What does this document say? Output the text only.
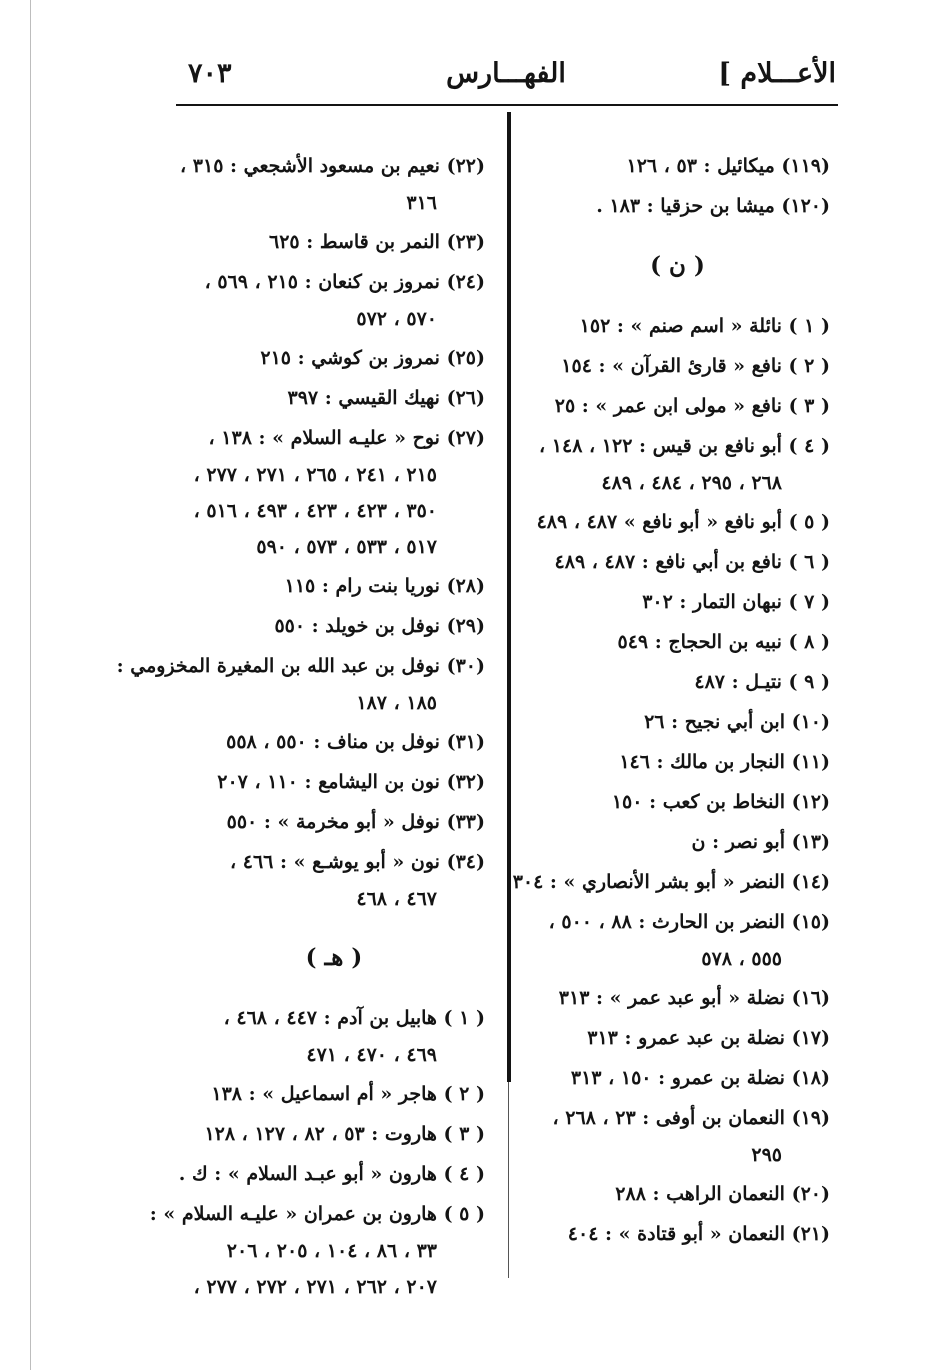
الأعـــلام ]
الفهـــارس
٧٠٣
(١١٩) ميكائيل : ٥٣ ، ١٢٦
(١٢٠) ميشا بن حزقيا : ١٨٣ .
( ن )
( ١ ) نائلة « اسم صنم » : ١٥٢
( ٢ ) نافع « قارئ القرآن » : ١٥٤
( ٣ ) نافع « مولى ابن عمر » : ٢٥
( ٤ ) أبو نافع بن قيس : ١٢٢ ، ١٤٨ ،
٢٦٨ ، ٢٩٥ ، ٤٨٤ ، ٤٨٩
( ٥ ) أبو نافع « أبو نافع » ٤٨٧ ، ٤٨٩
( ٦ ) نافع بن أبي نافع : ٤٨٧ ، ٤٨٩
( ٧ ) نبهان التمار : ٣٠٢
( ٨ ) نبيه بن الحجاج : ٥٤٩
( ٩ ) نتيـل : ٤٨٧
(١٠) ابن أبي نجيح : ٢٦
(١١) النجار بن مالك : ١٤٦
(١٢) النخاط بن كعب : ١٥٠
(١٣) أبو نصر : ن
(١٤) النضر « أبو بشر الأنصاري » : ٣٠٤
(١٥) النضر بن الحارث : ٨٨ ، ٥٠٠ ،
٥٥٥ ، ٥٧٨
(١٦) نضلة « أبو عبد عمر » : ٣١٣
(١٧) نضلة بن عبد عمرو : ٣١٣
(١٨) نضلة بن عمرو : ١٥٠ ، ٣١٣
(١٩) النعمان بن أوفى : ٢٣ ، ٢٦٨ ،
٢٩٥
(٢٠) النعمان الراهب : ٢٨٨
(٢١) النعمان « أبو قتادة » : ٤٠٤
(٢٢) نعيم بن مسعود الأشجعي : ٣١٥ ،
٣١٦
(٢٣) النمر بن قاسط : ٦٢٥
(٢٤) نمروز بن كنعان : ٢١٥ ، ٥٦٩ ،
٥٧٠ ، ٥٧٢
(٢٥) نمروز بن كوشي : ٢١٥
(٢٦) نهيك القيسي : ٣٩٧
(٢٧) نوح « عليـه السلام » : ١٣٨ ،
٢١٥ ، ٢٤١ ، ٢٦٥ ، ٢٧١ ، ٢٧٧ ،
٣٥٠ ، ٤٢٣ ، ٤٢٣ ، ٤٩٣ ، ٥١٦ ،
٥١٧ ، ٥٣٣ ، ٥٧٣ ، ٥٩٠
(٢٨) نوريا بنت رام : ١١٥
(٢٩) نوفل بن خويلد : ٥٥٠
(٣٠) نوفل بن عبد الله بن المغيرة المخزومي :
١٨٥ ، ١٨٧
(٣١) نوفل بن مناف : ٥٥٠ ، ٥٥٨
(٣٢) نون بن اليشامع : ١١٠ ، ٢٠٧
(٣٣) نوفل « أبو مخرمة » : ٥٥٠
(٣٤) نون « أبو يوشـع » : ٤٦٦ ،
٤٦٧ ، ٤٦٨
( هـ )
( ١ ) هابيل بن آدم : ٤٤٧ ، ٤٦٨ ،
٤٦٩ ، ٤٧٠ ، ٤٧١
( ٢ ) هاجر « أم اسماعيل » : ١٣٨
( ٣ ) هاروت : ٥٣ ، ٨٢ ، ١٢٧ ، ١٢٨
( ٤ ) هارون « أبو عبـد السلام » : ك .
( ٥ ) هارون بن عمران « عليـه السلام » :
٣٣ ، ٨٦ ، ١٠٤ ، ٢٠٥ ، ٢٠٦
٢٠٧ ، ٢٦٢ ، ٢٧١ ، ٢٧٢ ، ٢٧٧ ،
